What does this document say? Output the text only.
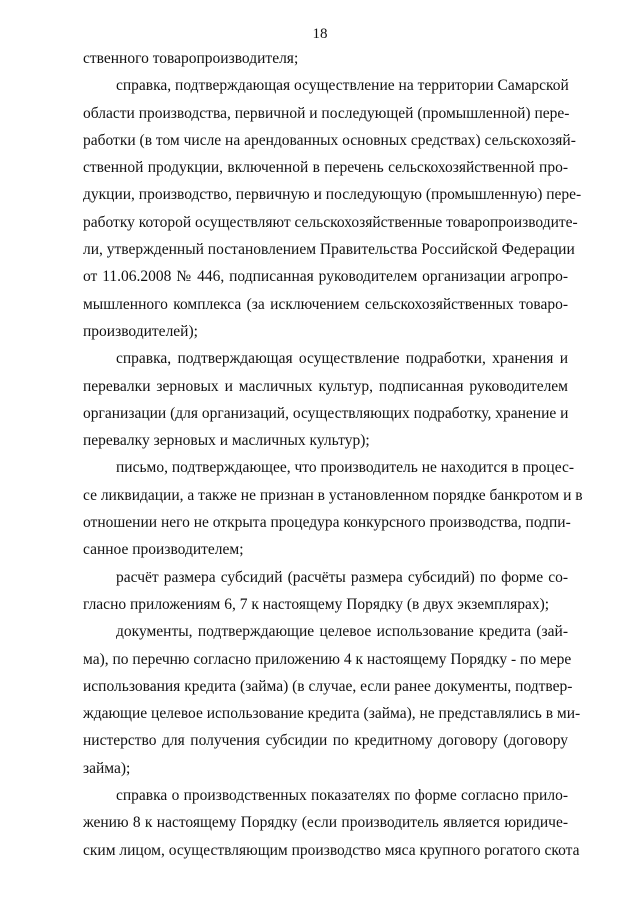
18
ственного товаропроизводителя;
справка, подтверждающая осуществление на территории Самарской
области производства, первичной и последующей (промышленной) пере-
работки (в том числе на арендованных основных средствах) сельскохозяй-
ственной продукции, включенной в перечень сельскохозяйственной про-
дукции, производство, первичную и последующую (промышленную) пере-
работку которой осуществляют сельскохозяйственные товаропроизводите-
ли, утвержденный постановлением Правительства Российской Федерации
от 11.06.2008 № 446, подписанная руководителем организации агропро-
мышленного комплекса (за исключением сельскохозяйственных товаро-
производителей);
справка, подтверждающая осуществление подработки, хранения и
перевалки зерновых и масличных культур, подписанная руководителем
организации (для организаций, осуществляющих подработку, хранение и
перевалку зерновых и масличных культур);
письмо, подтверждающее, что производитель не находится в процес-
се ликвидации, а также не признан в установленном порядке банкротом и в
отношении него не открыта процедура конкурсного производства, подпи-
санное производителем;
расчёт размера субсидий (расчёты размера субсидий) по форме со-
гласно приложениям 6, 7 к настоящему Порядку (в двух экземплярах);
документы, подтверждающие целевое использование кредита (зай-
ма), по перечню согласно приложению 4 к настоящему Порядку - по мере
использования кредита (займа) (в случае, если ранее документы, подтвер-
ждающие целевое использование кредита (займа), не представлялись в ми-
нистерство для получения субсидии по кредитному договору (договору
займа);
справка о производственных показателях по форме согласно прило-
жению 8 к настоящему Порядку (если производитель является юридиче-
ским лицом, осуществляющим производство мяса крупного рогатого скота
